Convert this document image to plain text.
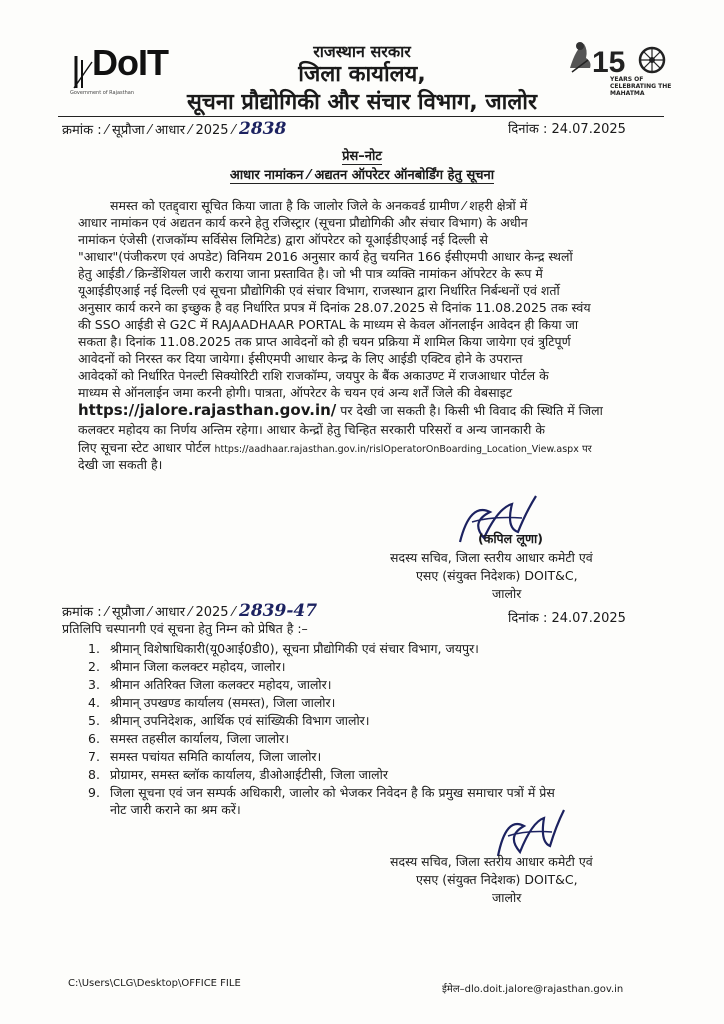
DoIT
Government of Rajasthan
15
YEARS OF CELEBRATING THE MAHATMA
राजस्थान सरकार
जिला कार्यालय,
सूचना प्रौद्योगिकी और संचार विभाग, जालोर
क्रमांक : ⁄ सूप्रौजा ⁄ आधार ⁄ 2025 ⁄ 2838	दिनांक : 24.07.2025
प्रेस–नोट
आधार नामांकन ⁄ अद्यतन ऑपरेटर ऑनबोर्डिंग हेतु सूचना
समस्त को एतद्द्वारा सूचित किया जाता है कि जालोर जिले के अनकवर्ड ग्रामीण ⁄ शहरी क्षेत्रों में
आधार नामांकन एवं अद्यतन कार्य करने हेतु रजिस्ट्रार (सूचना प्रौद्योगिकी और संचार विभाग) के अधीन
नामांकन एंजेसी (राजकॉम्प सर्विसेस लिमिटेड) द्वारा ऑपरेटर को यूआईडीएआई नई दिल्ली से
"आधार"(पंजीकरण एवं अपडेट) विनियम 2016 अनुसार कार्य हेतु चयनित 166 ईसीएमपी आधार केन्द्र स्थलों
हेतु आईडी ⁄ क्रिन्डेंशियल जारी कराया जाना प्रस्तावित है। जो भी पात्र व्यक्ति नामांकन ऑपरेटर के रूप में
यूआईडीएआई नई दिल्ली एवं सूचना प्रौद्योगिकी एवं संचार विभाग, राजस्थान द्वारा निर्धारित निर्बन्धनों एवं शर्तो
अनुसार कार्य करने का इच्छुक है वह निर्धारित प्रपत्र में दिनांक 28.07.2025 से दिनांक 11.08.2025 तक स्वंय
की SSO आईडी से G2C में RAJAADHAAR PORTAL के माध्यम से केवल ऑनलाईन आवेदन ही किया जा
सकता है। दिनांक 11.08.2025 तक प्राप्त आवेदनों को ही चयन प्रक्रिया में शामिल किया जायेगा एवं त्रुटिपूर्ण
आवेदनों को निरस्त कर दिया जायेगा। ईसीएमपी आधार केन्द्र के लिए आईडी एक्टिव होने के उपरान्त
आवेदकों को निर्धारित पेनल्टी सिक्योरिटी राशि राजकॉम्प, जयपुर के बैंक अकाउण्ट में राजआधार पोर्टल के
माध्यम से ऑनलाईन जमा करनी होगी। पात्रता, ऑपरेटर के चयन एवं अन्य शर्तें जिले की वेबसाइट
https://jalore.rajasthan.gov.in/ पर देखी जा सकती है। किसी भी विवाद की स्थिति में जिला
कलक्टर महोदय का निर्णय अन्तिम रहेगा। आधार केन्द्रों हेतु चिन्हित सरकारी परिसरों व अन्य जानकारी के
लिए सूचना स्टेट आधार पोर्टल https://aadhaar.rajasthan.gov.in/rislOperatorOnBoarding_Location_View.aspx पर
देखी जा सकती है।
(कपिल लूणा)
सदस्य सचिव, जिला स्तरीय आधार कमेटी एवं
एसए (संयुक्त निदेशक) DOIT&C,
जालोर
क्रमांक : ⁄ सूप्रौजा ⁄ आधार ⁄ 2025 ⁄ 2839-47	दिनांक : 24.07.2025
प्रतिलिपि चस्पानगी एवं सूचना हेतु निम्न को प्रेषित है :–
1. श्रीमान् विशेषाधिकारी(यू0आई0डी0), सूचना प्रौद्योगिकी एवं संचार विभाग, जयपुर।
2. श्रीमान जिला कलक्टर महोदय, जालोर।
3. श्रीमान अतिरिक्त जिला कलक्टर महोदय, जालोर।
4. श्रीमान् उपखण्ड कार्यालय (समस्त), जिला जालोर।
5. श्रीमान् उपनिदेशक, आर्थिक एवं सांख्यिकी विभाग जालोर।
6. समस्त तहसील कार्यालय, जिला जालोर।
7. समस्त पचांयत समिति कार्यालय, जिला जालोर।
8. प्रोग्रामर, समस्त ब्लॉक कार्यालय, डीओआईटीसी, जिला जालोर
9. जिला सूचना एवं जन सम्पर्क अधिकारी, जालोर को भेजकर निवेदन है कि प्रमुख समाचार पत्रों में प्रेस
नोट जारी कराने का श्रम करें।
सदस्य सचिव, जिला स्तरीय आधार कमेटी एवं
एसए (संयुक्त निदेशक) DOIT&C,
जालोर
C:\Users\CLG\Desktop\OFFICE FILE
ईमेल–dlo.doit.jalore@rajasthan.gov.in
